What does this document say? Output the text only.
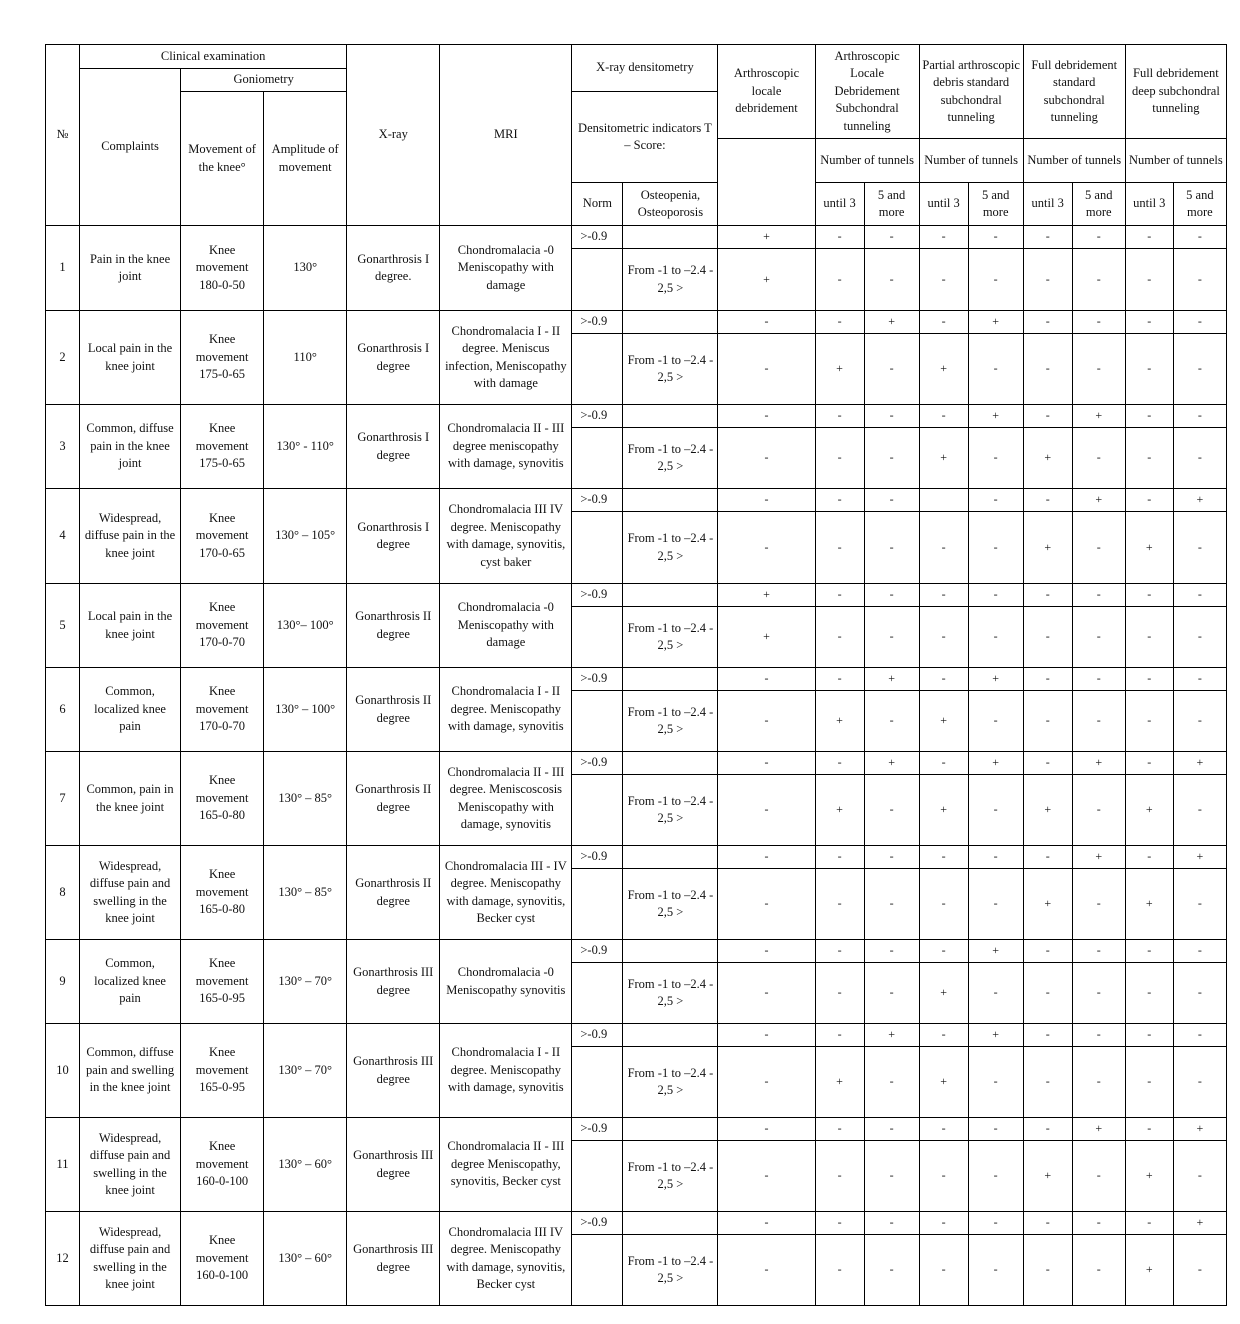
№	Clinical examination			X-ray	MRI	X-ray densitometry		Arthroscopic locale debridement	Arthroscopic Locale Debridement Subchondral tunneling		Partial arthroscopic debris standard subchondral tunneling		Full debridement standard subchondral tunneling		Full debridement deep subchondral tunneling	
	Complaints	Goniometry														
		Movement of the knee°	Amplitude of movement			Densitometric indicators T – Score:										
									Number of tunnels		Number of tunnels		Number of tunnels		Number of tunnels	
						Norm	Osteopenia, Osteoporosis		until 3	5 and more	until 3	5 and more	until 3	5 and more	until 3	5 and more
1	Pain in the knee joint	Knee movement 180-0-50	130°	Gonarthrosis I degree.	Chondromalacia -0 Meniscopathy with damage	>-0.9		+	-	-	-	-	-	-	-	-
							From -1 to –2.4 - 2,5 >	+	-	-	-	-	-	-	-	-
2	Local pain in the knee joint	Knee movement 175-0-65	110°	Gonarthrosis I degree	Chondromalacia I - II degree. Meniscus infection, Meniscopathy with damage	>-0.9		-	-	+	-	+	-	-	-	-
							From -1 to –2.4 - 2,5 >	-	+	-	+	-	-	-	-	-
3	Common, diffuse pain in the knee joint	Knee movement 175-0-65	130° - 110°	Gonarthrosis I degree	Chondromalacia II - III degree meniscopathy with damage, synovitis	>-0.9		-	-	-	-	+	-	+	-	-
							From -1 to –2.4 - 2,5 >	-	-	-	+	-	+	-	-	-
4	Widespread, diffuse pain in the knee joint	Knee movement 170-0-65	130° – 105°	Gonarthrosis I degree	Chondromalacia III IV degree. Meniscopathy with damage, synovitis, cyst baker	>-0.9		-	-	-		-	-	+	-	+
							From -1 to –2.4 - 2,5 >	-	-	-	-	-	+	-	+	-
5	Local pain in the knee joint	Knee movement 170-0-70	130°– 100°	Gonarthrosis II degree	Chondromalacia -0 Meniscopathy with damage	>-0.9		+	-	-	-	-	-	-	-	-
							From -1 to –2.4 - 2,5 >	+	-	-	-	-	-	-	-	-
6	Common, localized knee pain	Knee movement 170-0-70	130° – 100°	Gonarthrosis II degree	Chondromalacia I - II degree. Meniscopathy with damage, synovitis	>-0.9		-	-	+	-	+	-	-	-	-
							From -1 to –2.4 - 2,5 >	-	+	-	+	-	-	-	-	-
7	Common, pain in the knee joint	Knee movement 165-0-80	130° – 85°	Gonarthrosis II degree	Chondromalacia II - III degree. Meniscoscosis Meniscopathy with damage, synovitis	>-0.9		-	-	+	-	+	-	+	-	+
							From -1 to –2.4 - 2,5 >	-	+	-	+	-	+	-	+	-
8	Widespread, diffuse pain and swelling in the knee joint	Knee movement 165-0-80	130° – 85°	Gonarthrosis II degree	Chondromalacia III - IV degree. Meniscopathy with damage, synovitis, Becker cyst	>-0.9		-	-	-	-	-	-	+	-	+
							From -1 to –2.4 - 2,5 >	-	-	-	-	-	+	-	+	-
9	Common, localized knee pain	Knee movement 165-0-95	130° – 70°	Gonarthrosis III degree	Chondromalacia -0 Meniscopathy synovitis	>-0.9		-	-	-	-	+	-	-	-	-
							From -1 to –2.4 - 2,5 >	-	-	-	+	-	-	-	-	-
10	Common, diffuse pain and swelling in the knee joint	Knee movement 165-0-95	130° – 70°	Gonarthrosis III degree	Chondromalacia I - II degree. Meniscopathy with damage, synovitis	>-0.9		-	-	+	-	+	-	-	-	-
							From -1 to –2.4 - 2,5 >	-	+	-	+	-	-	-	-	-
11	Widespread, diffuse pain and swelling in the knee joint	Knee movement 160-0-100	130° – 60°	Gonarthrosis III degree	Chondromalacia II - III degree Meniscopathy, synovitis, Becker cyst	>-0.9		-	-	-	-	-	-	+	-	+
							From -1 to –2.4 - 2,5 >	-	-	-	-	-	+	-	+	-
12	Widespread, diffuse pain and swelling in the knee joint	Knee movement 160-0-100	130° – 60°	Gonarthrosis III degree	Chondromalacia III IV degree. Meniscopathy with damage, synovitis, Becker cyst	>-0.9		-	-	-	-	-	-	-	-	+
							From -1 to –2.4 - 2,5 >	-	-	-	-	-	-	-	+	-
